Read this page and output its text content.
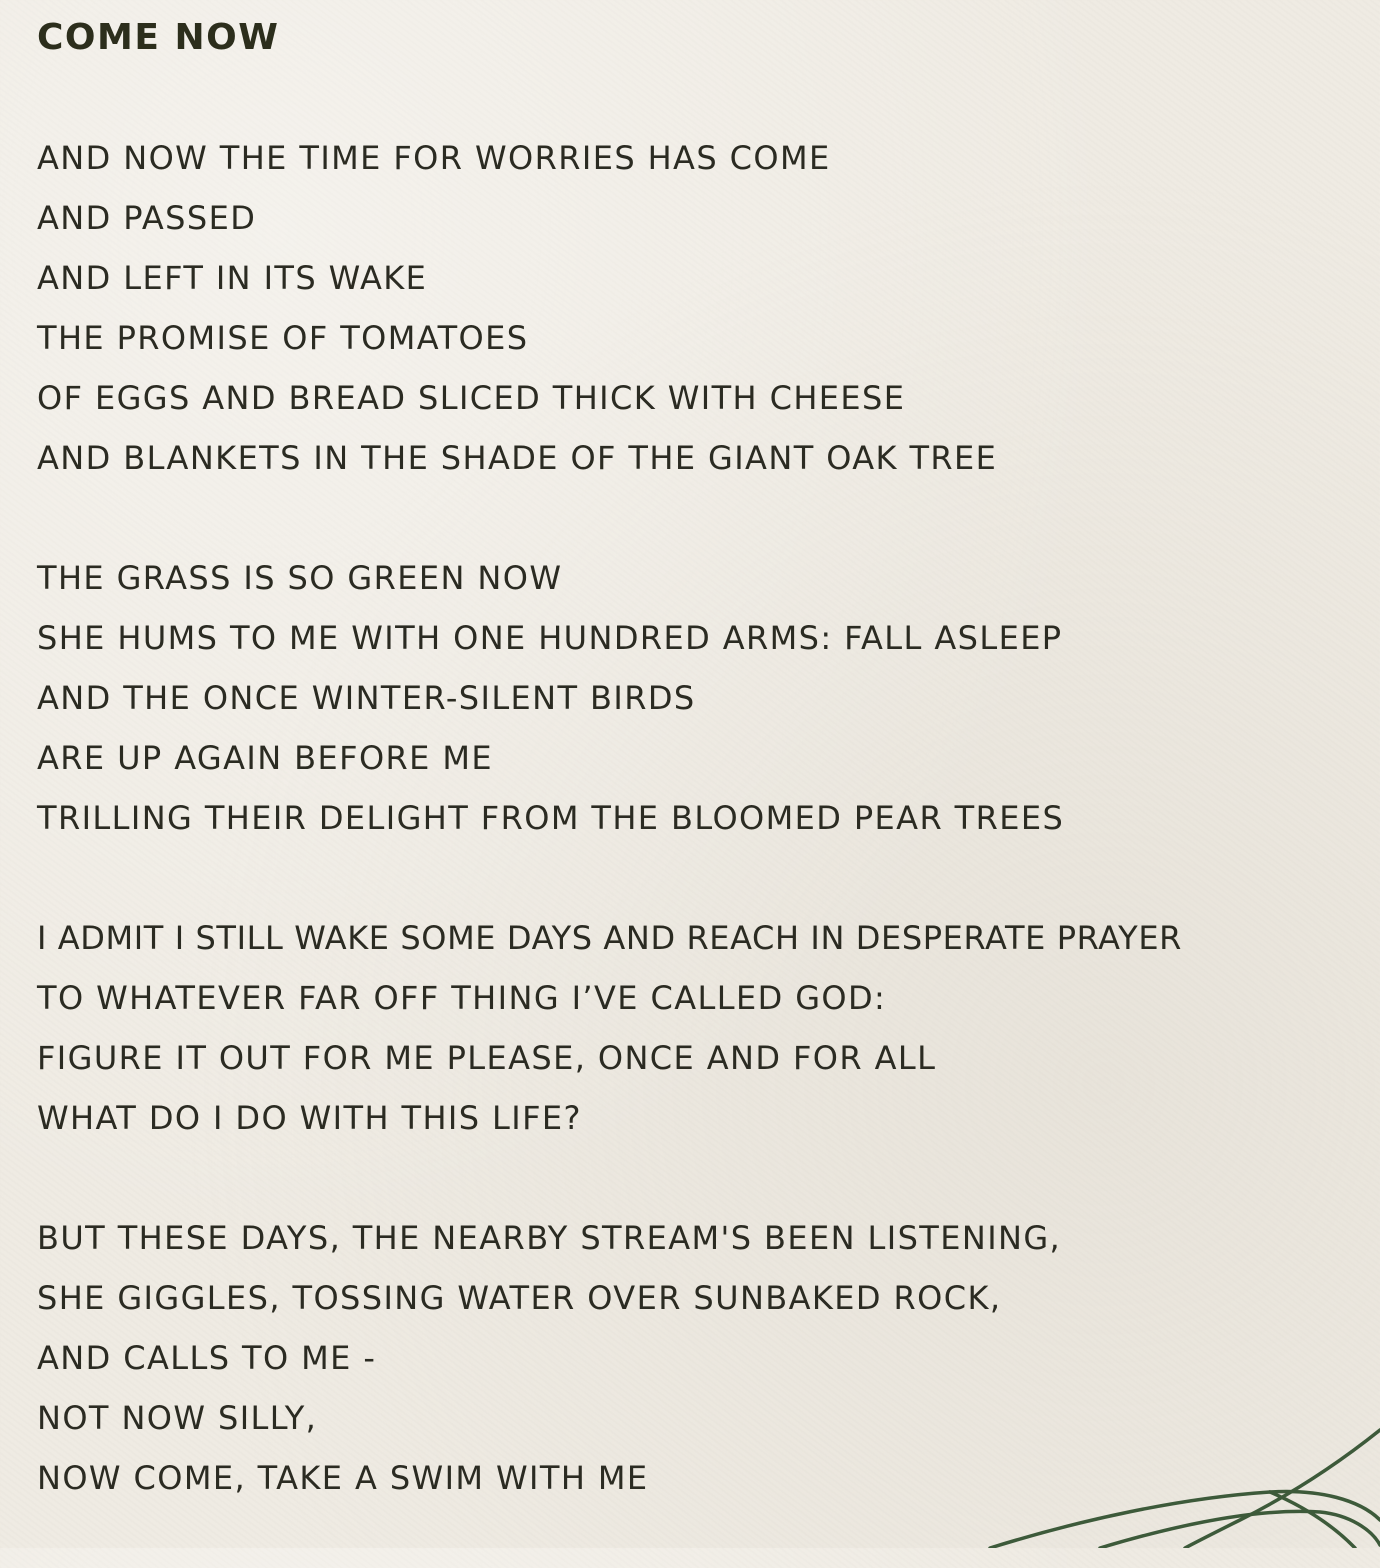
COME NOW
AND NOW THE TIME FOR WORRIES HAS COME
AND PASSED
AND LEFT IN ITS WAKE
THE PROMISE OF TOMATOES
OF EGGS AND BREAD SLICED THICK WITH CHEESE
AND BLANKETS IN THE SHADE OF THE GIANT OAK TREE
THE GRASS IS SO GREEN NOW
SHE HUMS TO ME WITH ONE HUNDRED ARMS: FALL ASLEEP
AND THE ONCE WINTER-SILENT BIRDS
ARE UP AGAIN BEFORE ME
TRILLING THEIR DELIGHT FROM THE BLOOMED PEAR TREES
I ADMIT I STILL WAKE SOME DAYS AND REACH IN DESPERATE PRAYER
TO WHATEVER FAR OFF THING I’VE CALLED GOD:
FIGURE IT OUT FOR ME PLEASE, ONCE AND FOR ALL
WHAT DO I DO WITH THIS LIFE?
BUT THESE DAYS, THE NEARBY STREAM'S BEEN LISTENING,
SHE GIGGLES, TOSSING WATER OVER SUNBAKED ROCK,
AND CALLS TO ME -
NOT NOW SILLY,
NOW COME, TAKE A SWIM WITH ME
